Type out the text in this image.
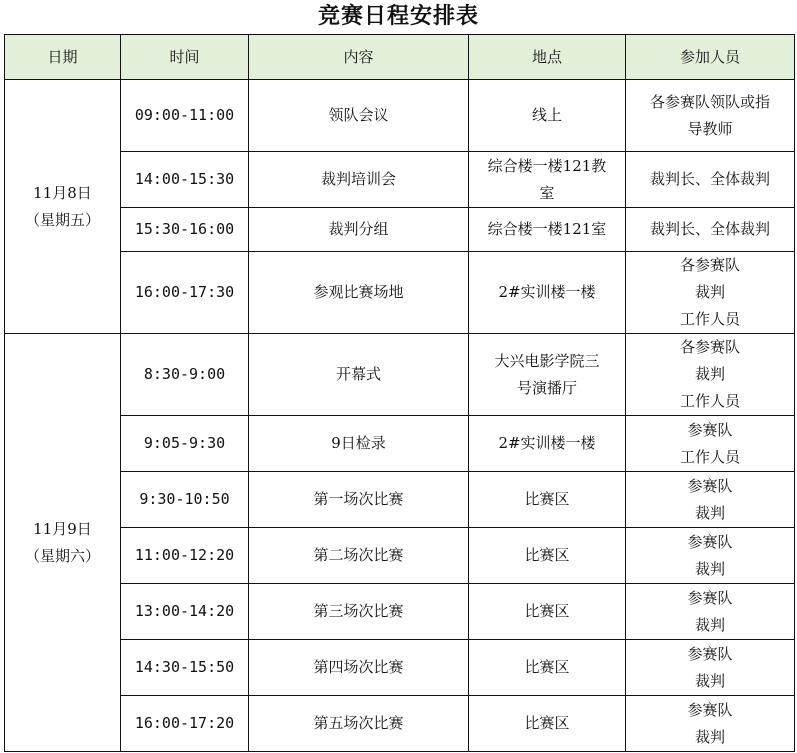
竞赛日程安排表
日期	时间	内容	地点	参加人员

11月8日
（星期五）	09:00-11:00	领队会议	线上	各参赛队领队或指
导教师

	14:00-15:30	裁判培训会	综合楼一楼121教
室	裁判长、全体裁判

	15:30-16:00	裁判分组	综合楼一楼121室	裁判长、全体裁判

	16:00-17:30	参观比赛场地	2#实训楼一楼	各参赛队
裁判
工作人员

11月9日
（星期六）	8:30-9:00	开幕式	大兴电影学院三
号演播厅	各参赛队
裁判
工作人员

	9:05-9:30	9日检录	2#实训楼一楼	参赛队
工作人员

	9:30-10:50	第一场次比赛	比赛区	参赛队
裁判

	11:00-12:20	第二场次比赛	比赛区	参赛队
裁判

	13:00-14:20	第三场次比赛	比赛区	参赛队
裁判

	14:30-15:50	第四场次比赛	比赛区	参赛队
裁判

	16:00-17:20	第五场次比赛	比赛区	参赛队
裁判
